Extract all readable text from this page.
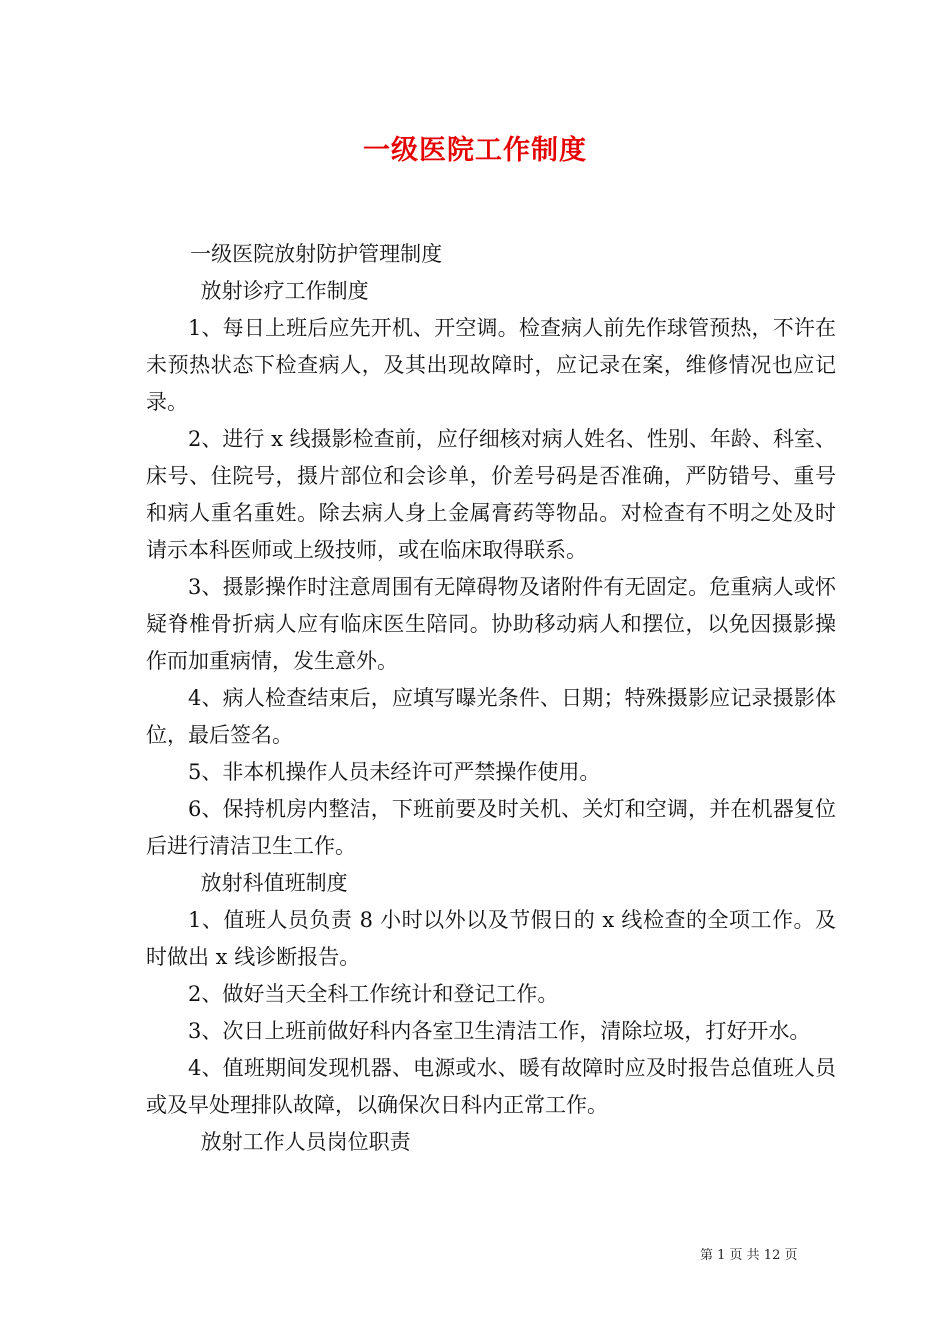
一级医院工作制度

一级医院放射防护管理制度

放射诊疗工作制度

1、每日上班后应先开机、开空调。检查病人前先作球管预热，不许在未预热状态下检查病人，及其出现故障时，应记录在案，维修情况也应记录。

2、进行 x 线摄影检查前，应仔细核对病人姓名、性别、年龄、科室、床号、住院号，摄片部位和会诊单，价差号码是否准确，严防错号、重号和病人重名重姓。除去病人身上金属膏药等物品。对检查有不明之处及时请示本科医师或上级技师，或在临床取得联系。

3、摄影操作时注意周围有无障碍物及诸附件有无固定。危重病人或怀疑脊椎骨折病人应有临床医生陪同。协助移动病人和摆位，以免因摄影操作而加重病情，发生意外。

4、病人检查结束后，应填写曝光条件、日期；特殊摄影应记录摄影体位，最后签名。

5、非本机操作人员未经许可严禁操作使用。

6、保持机房内整洁，下班前要及时关机、关灯和空调，并在机器复位后进行清洁卫生工作。

放射科值班制度

1、值班人员负责 8 小时以外以及节假日的 x 线检查的全项工作。及时做出 x 线诊断报告。

2、做好当天全科工作统计和登记工作。

3、次日上班前做好科内各室卫生清洁工作，清除垃圾，打好开水。

4、值班期间发现机器、电源或水、暖有故障时应及时报告总值班人员或及早处理排队故障，以确保次日科内正常工作。

放射工作人员岗位职责

第 1 页 共 12 页
